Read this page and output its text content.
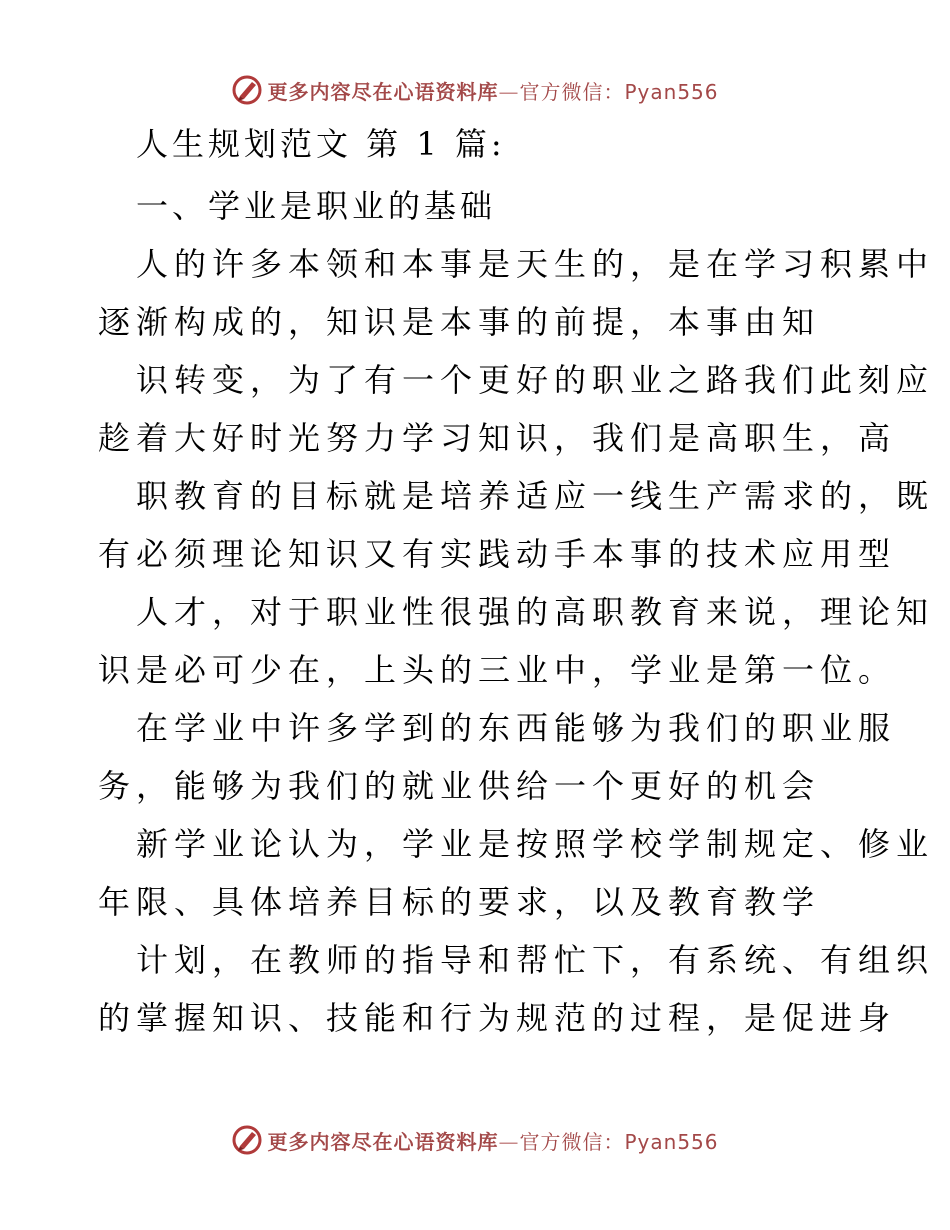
更多内容尽在心语资料库—官方微信：Pyan556
人生规划范文 第 1 篇:
一、学业是职业的基础
人的许多本领和本事是天生的，是在学习积累中
逐渐构成的，知识是本事的前提，本事由知
识转变，为了有一个更好的职业之路我们此刻应
趁着大好时光努力学习知识，我们是高职生，高
职教育的目标就是培养适应一线生产需求的，既
有必须理论知识又有实践动手本事的技术应用型
人才，对于职业性很强的高职教育来说，理论知
识是必可少在，上头的三业中，学业是第一位。
在学业中许多学到的东西能够为我们的职业服
务，能够为我们的就业供给一个更好的机会
新学业论认为，学业是按照学校学制规定、修业
年限、具体培养目标的要求，以及教育教学
计划，在教师的指导和帮忙下，有系统、有组织
的掌握知识、技能和行为规范的过程，是促进身
更多内容尽在心语资料库—官方微信：Pyan556
